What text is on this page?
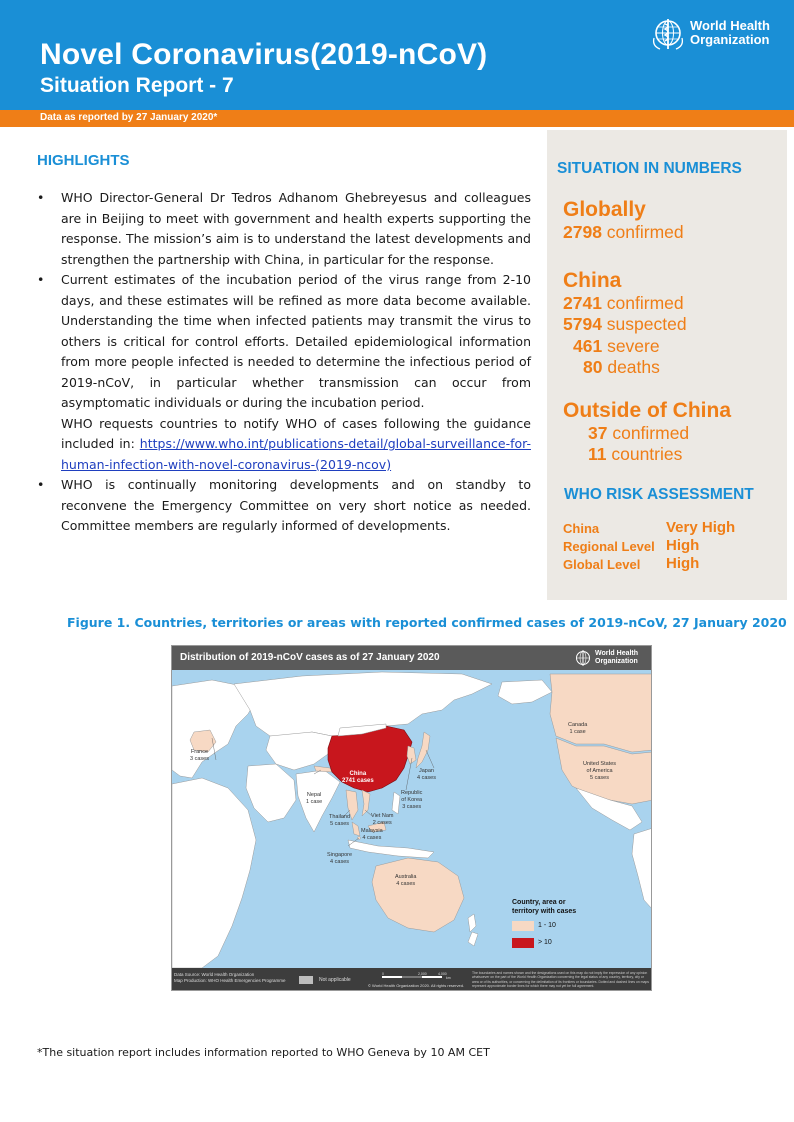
Novel Coronavirus(2019-nCoV)
Situation Report - 7
World Health
Organization
Data as reported by 27 January 2020*
HIGHLIGHTS
• WHO Director-General Dr Tedros Adhanom Ghebreyesus and colleagues are in Beijing to meet with government and health experts supporting the response. The mission’s aim is to understand the latest developments and strengthen the partnership with China, in particular for the response.

• Current estimates of the incubation period of the virus range from 2-10 days, and these estimates will be refined as more data become available. Understanding the time when infected patients may transmit the virus to others is critical for control efforts. Detailed epidemiological information from more people infected is needed to determine the infectious period of 2019-nCoV, in particular whether transmission can occur from asymptomatic individuals or during the incubation period.

WHO requests countries to notify WHO of cases following the guidance included in: https://www.who.int/publications-detail/global-surveillance-for-human-infection-with-novel-coronavirus-(2019-ncov)

• WHO is continually monitoring developments and on standby to reconvene the Emergency Committee on very short notice as needed. Committee members are regularly informed of developments.

SITUATION IN NUMBERS
Globally
2798 confirmed
China
2741 confirmed
5794 suspected
461 severe
80 deaths
Outside of China
37 confirmed
11 countries
WHO RISK ASSESSMENT
China	Very High
Regional Level High
Global Level High
Figure 1. Countries, territories or areas with reported confirmed cases of 2019-nCoV, 27 January 2020
Distribution of 2019-nCoV cases as of 27 January 2020	World Health
Organization
France
3 cases
Nepal
1 case
China
2741 cases
Thailand
5 cases
Viet Nam
2 cases
Malaysia
4 cases
Singapore
4 cases
Japan
4 cases
Republic
of Korea
3 cases
Australia
4 cases
Canada
1 case
United States
of America
5 cases
Country, area or
territory with cases
1 - 10
> 10
Data Source: World Health Organization
Map Production: WHO Health Emergencies Programme	Not applicable
0	2,000	4,000
km
© World Health Organization 2020. All rights reserved.
The boundaries and names shown and the designations used on this map do not imply the expression of any opinion whatsoever on the part of the World Health Organization concerning the legal status of any country, territory, city or area or of its authorities, or concerning the delimitation of its frontiers or boundaries. Dotted and dashed lines on maps represent approximate border lines for which there may not yet be full agreement.
*The situation report includes information reported to WHO Geneva by 10 AM CET
